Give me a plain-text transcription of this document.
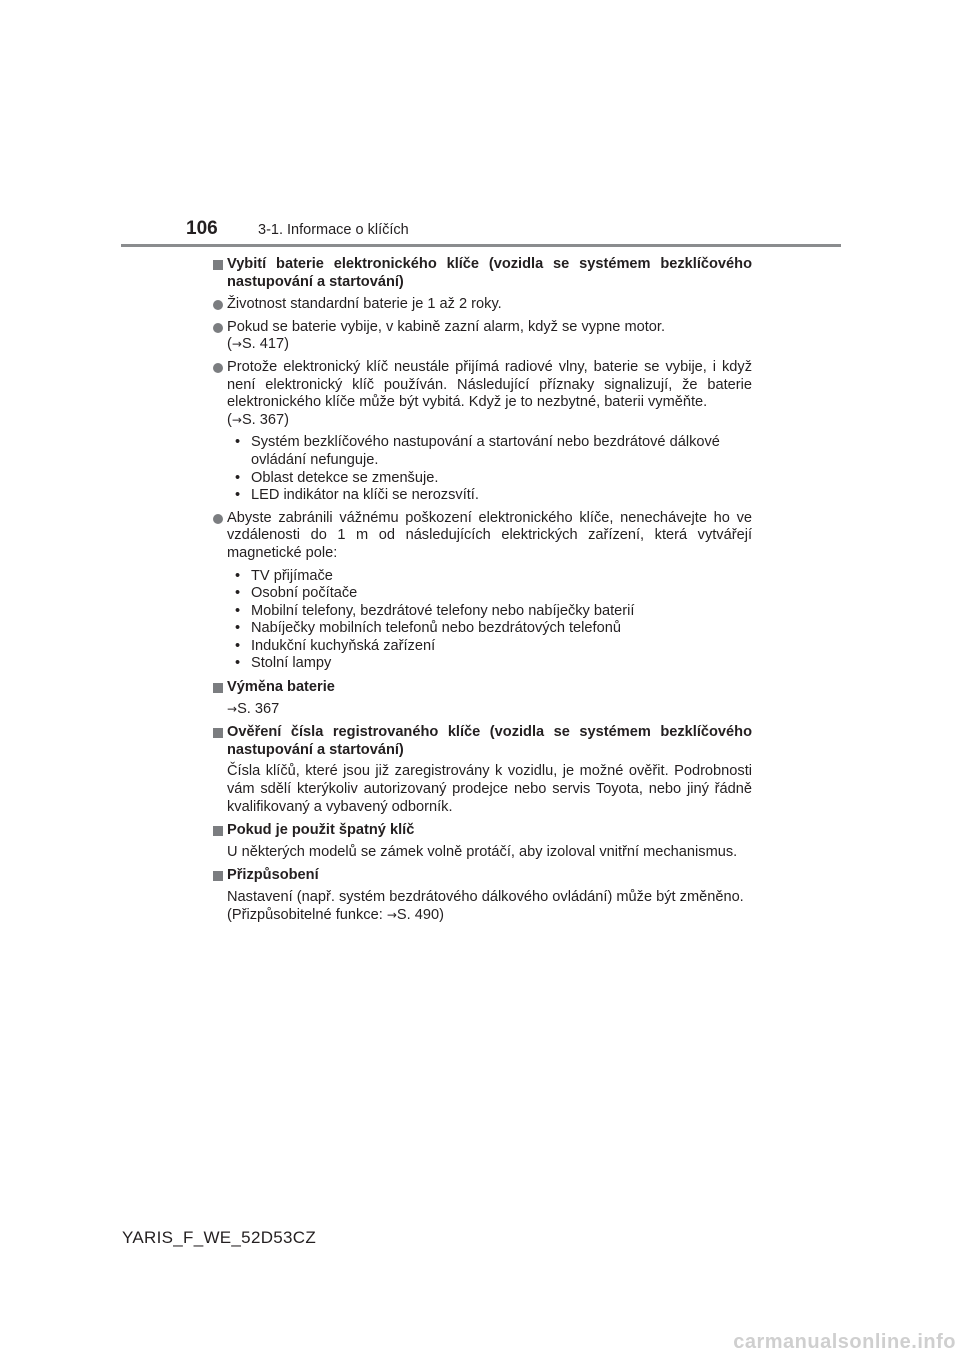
106	3-1. Informace o klíčích
Vybití baterie elektronického klíče (vozidla se systémem bezklíčového nastupování a startování)
Životnost standardní baterie je 1 až 2 roky.
Pokud se baterie vybije, v kabině zazní alarm, když se vypne motor.
(→S. 417)
Protože elektronický klíč neustále přijímá radiové vlny, baterie se vybije, i když není elektronický klíč používán. Následující příznaky signalizují, že baterie elektronického klíče může být vybitá. Když je to nezbytné, baterii vyměňte.
(→S. 367)
• Systém bezklíčového nastupování a startování nebo bezdrátové dálkové ovládání nefunguje.
• Oblast detekce se zmenšuje.
• LED indikátor na klíči se nerozsvítí.
Abyste zabránili vážnému poškození elektronického klíče, nenechávejte ho ve vzdálenosti do 1 m od následujících elektrických zařízení, která vytvářejí magnetické pole:
• TV přijímače
• Osobní počítače
• Mobilní telefony, bezdrátové telefony nebo nabíječky baterií
• Nabíječky mobilních telefonů nebo bezdrátových telefonů
• Indukční kuchyňská zařízení
• Stolní lampy
Výměna baterie
→S. 367
Ověření čísla registrovaného klíče (vozidla se systémem bezklíčového nastupování a startování)
Čísla klíčů, které jsou již zaregistrovány k vozidlu, je možné ověřit. Podrobnosti vám sdělí kterýkoliv autorizovaný prodejce nebo servis Toyota, nebo jiný řádně kvalifikovaný a vybavený odborník.
Pokud je použit špatný klíč
U některých modelů se zámek volně protáčí, aby izoloval vnitřní mechanismus.
Přizpůsobení
Nastavení (např. systém bezdrátového dálkového ovládání) může být změněno.
(Přizpůsobitelné funkce: →S. 490)
YARIS_F_WE_52D53CZ
carmanualsonline.info
